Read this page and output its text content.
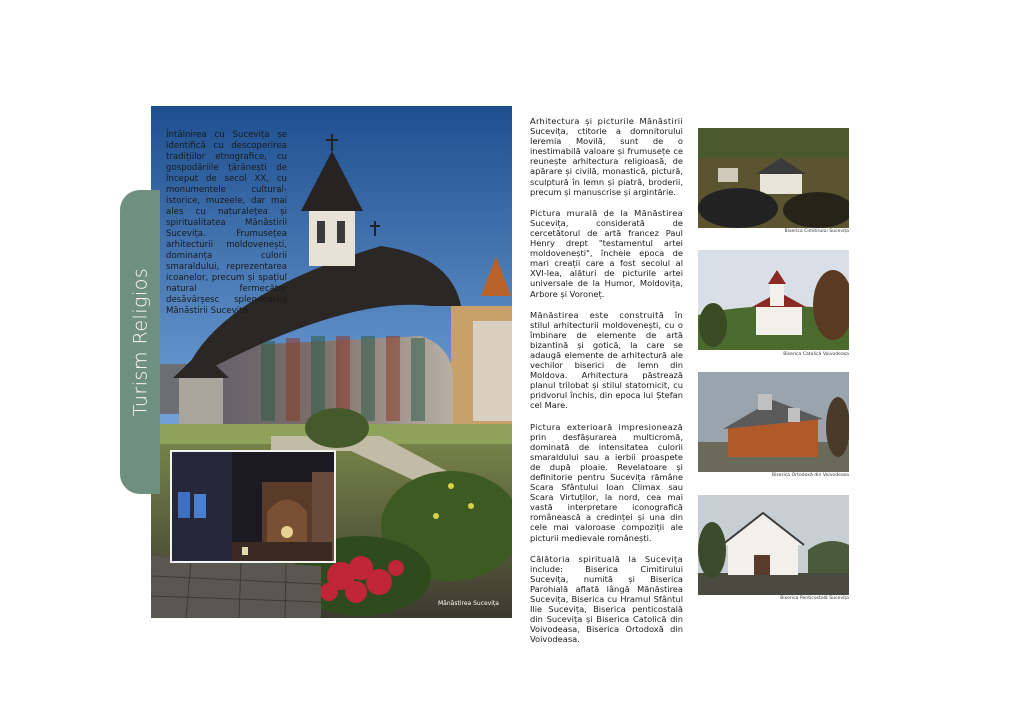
Turism Religios
Întâlnirea cu Sucevița se identifică cu descoperirea tradițiilor etnografice, cu gospodăriile țărănești de început de secol XX, cu monumentele cultural-istorice, muzeele, dar mai ales cu naturalețea și spiritualitatea Mănăstirii Sucevița. Frumusețea arhitecturii moldovenești, dominanța culorii smaraldului, reprezentarea icoanelor, precum și spațiul natural fermecător desăvârșesc splendoarea Mănăstirii Sucevița.
Mănăstirea Sucevița

Arhitectura și picturile Mănăstirii Sucevița, ctitorie a domnitorului Ieremia Movilă, sunt de o inestimabilă valoare și frumusețe ce reunește arhitectura religioasă, de apărare și civilă, monastică, pictură, sculptură în lemn și piatră, broderii, precum și manuscrise și argintărie.

Pictura murală de la Mănăstirea Sucevița, considerată de cercetătorul de artă francez Paul Henry drept "testamentul artei moldovenești", încheie epoca de mari creații care a fost secolul al XVI-lea, alături de picturile artei universale de la Humor, Moldovița, Arbore și Voroneț.

Mănăstirea este construită în stilul arhitecturii moldovenești, cu o îmbinare de elemente de artă bizantină și gotică, la care se adaugă elemente de arhitectură ale vechilor biserici de lemn din Moldova. Arhitectura păstrează planul trilobat și stilul statornicit, cu pridvorul închis, din epoca lui Ștefan cel Mare.

Pictura exterioară impresionează prin desfășurarea multicromă, dominată de intensitatea culorii smaraldului sau a ierbii proaspete de după ploaie. Revelatoare și definitorie pentru Sucevița rămâne Scara Sfântului Ioan Climax sau Scara Virtuților, la nord, cea mai vastă interpretare iconografică românească a credinței și una din cele mai valoroase compoziții ale picturii medievale românești.

Călătoria spirituală la Sucevița include: Biserica Cimitirului Sucevița, numită și Biserica Parohială aflată lângă Mănăstirea Sucevița, Biserica cu Hramul Sfântul Ilie Sucevița, Biserica penticostală din Sucevița și Biserica Catolică din Voivodeasa, Biserica Ortodoxă din Voivodeasa.

Biserica Cimitirului Sucevița
Biserica Catolică Voivodeasa
Biserica Ortodoxă din Voivodeasa
Biserica Penticostală Sucevița
